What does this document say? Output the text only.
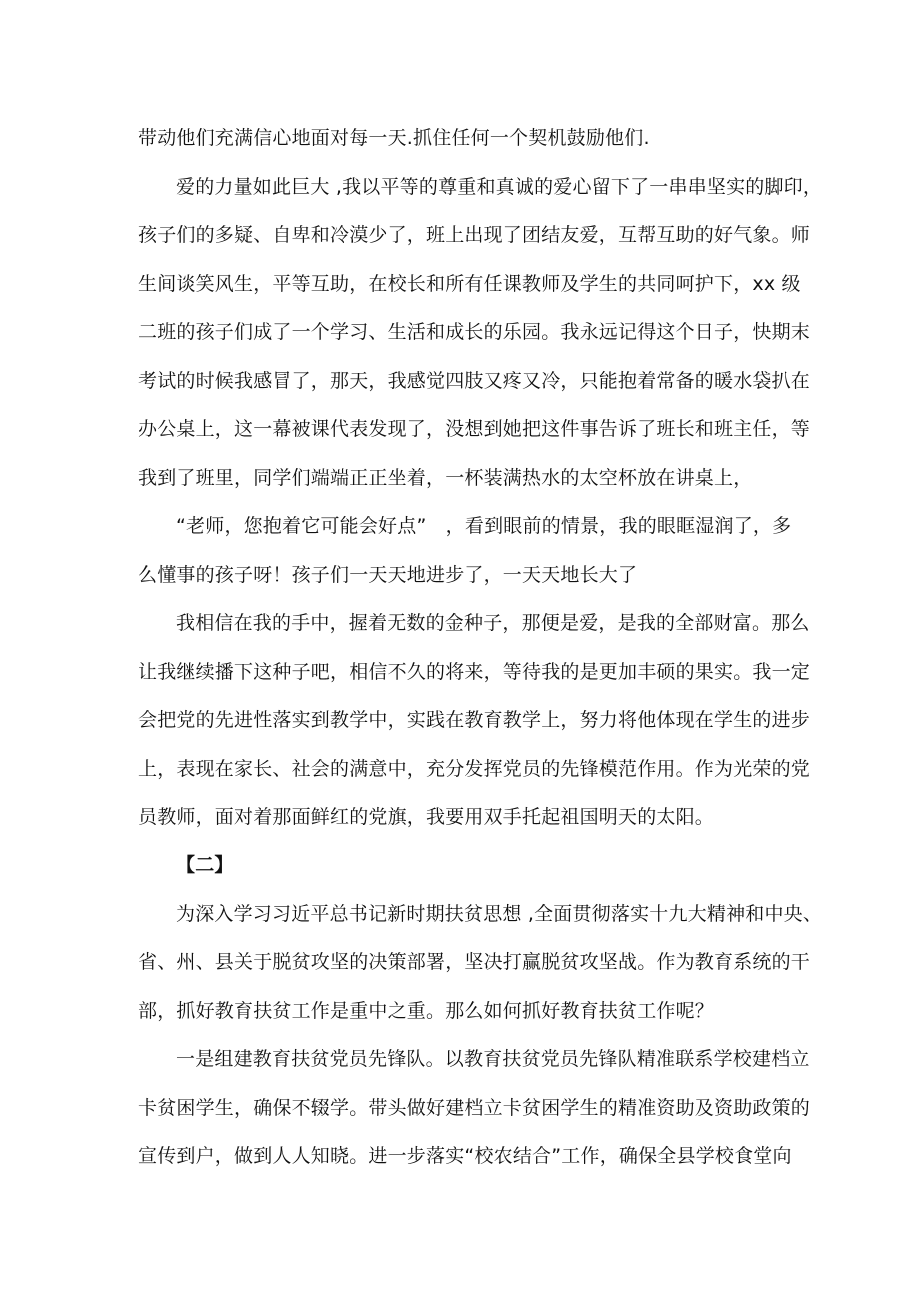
带动他们充满信心地面对每一天.抓住任何一个契机鼓励他们.
爱的力量如此巨大 ,我以平等的尊重和真诚的爱心留下了一串串坚实的脚印，
孩子们的多疑、自卑和冷漠少了，班上出现了团结友爱，互帮互助的好气象。师
生间谈笑风生，平等互助，在校长和所有任课教师及学生的共同呵护下，xx 级
二班的孩子们成了一个学习、生活和成长的乐园。我永远记得这个日子，快期末
考试的时候我感冒了，那天，我感觉四肢又疼又冷，只能抱着常备的暖水袋扒在
办公桌上，这一幕被课代表发现了，没想到她把这件事告诉了班长和班主任，等
我到了班里，同学们端端正正坐着，一杯装满热水的太空杯放在讲桌上，
“老师，您抱着它可能会好点”　，看到眼前的情景，我的眼眶湿润了，多
么懂事的孩子呀！孩子们一天天地进步了，一天天地长大了
我相信在我的手中，握着无数的金种子，那便是爱，是我的全部财富。那么
让我继续播下这种子吧，相信不久的将来，等待我的是更加丰硕的果实。我一定
会把党的先进性落实到教学中，实践在教育教学上，努力将他体现在学生的进步
上，表现在家长、社会的满意中，充分发挥党员的先锋模范作用。作为光荣的党
员教师，面对着那面鲜红的党旗，我要用双手托起祖国明天的太阳。
【二】
为深入学习习近平总书记新时期扶贫思想 ,全面贯彻落实十九大精神和中央、
省、州、县关于脱贫攻坚的决策部署，坚决打赢脱贫攻坚战。作为教育系统的干
部，抓好教育扶贫工作是重中之重。那么如何抓好教育扶贫工作呢？
一是组建教育扶贫党员先锋队。以教育扶贫党员先锋队精准联系学校建档立
卡贫困学生，确保不辍学。带头做好建档立卡贫困学生的精准资助及资助政策的
宣传到户，做到人人知晓。进一步落实“校农结合”工作，确保全县学校食堂向
